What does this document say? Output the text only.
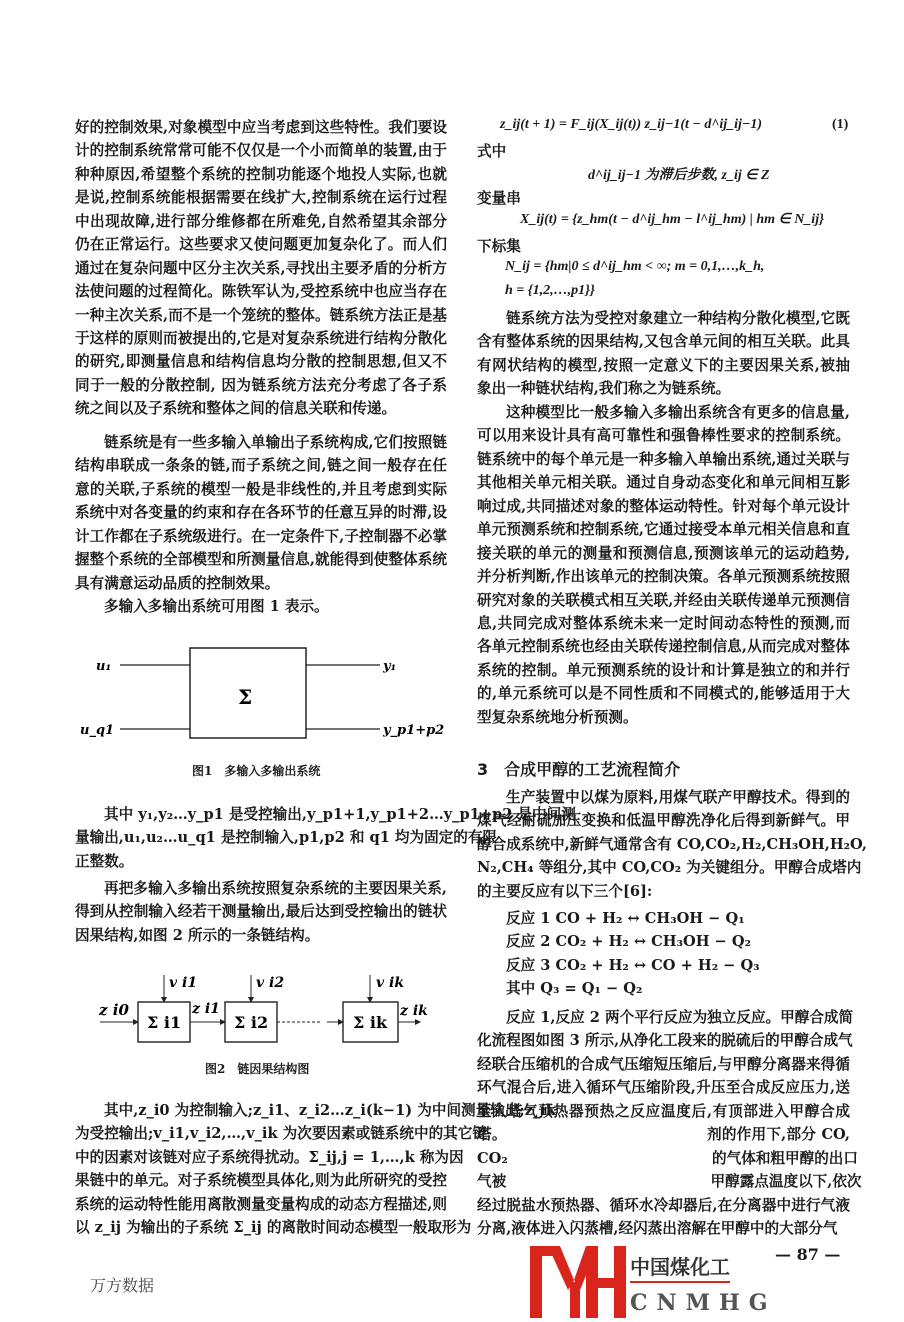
好的控制效果,对象模型中应当考虑到这些特性。我们要设
计的控制系统常常可能不仅仅是一个小而简单的装置,由于
种种原因,希望整个系统的控制功能逐个地投人实际,也就
是说,控制系统能根据需要在线扩大,控制系统在运行过程
中出现故障,进行部分维修都在所难免,自然希望其余部分
仍在正常运行。这些要求又使问题更加复杂化了。而人们
通过在复杂问题中区分主次关系,寻找出主要矛盾的分析方
法使问题的过程简化。陈铁军认为,受控系统中也应当存在
一种主次关系,而不是一个笼统的整体。链系统方法正是基
于这样的原则而被提出的,它是对复杂系统进行结构分散化
的研究,即测量信息和结构信息均分散的控制思想,但又不
同于一般的分散控制, 因为链系统方法充分考虑了各子系
统之间以及子系统和整体之间的信息关联和传递。
链系统是有一些多输入单输出子系统构成,它们按照链
结构串联成一条条的链,而子系统之间,链之间一般存在任
意的关联,子系统的模型一般是非线性的,并且考虑到实际
系统中对各变量的约束和存在各环节的任意互异的时滞,设
计工作都在子系统级进行。在一定条件下,子控制器不必掌
握整个系统的全部模型和所测量信息,就能得到使整体系统
具有满意运动品质的控制效果。
多输入多输出系统可用图 1 表示。
u₁
u_q1
Σ
y₁
y_p1+p2
图1　多输入多输出系统
其中 y₁,y₂…y_p1 是受控输出,y_p1+1,y_p1+2…y_p1+p2 是中间测
量输出,u₁,u₂…u_q1 是控制输入,p1,p2 和 q1 均为固定的有限
正整数。
再把多输入多输出系统按照复杂系统的主要因果关系,
得到从控制输入经若干测量输出,最后达到受控输出的链状
因果结构,如图 2 所示的一条链结构。
z i0	z i1	z ik
v i1	v i2	v ik
Σ i1	Σ i2	Σ ik
图2　链因果结构图
其中,z_i0 为控制输入;z_i1、z_i2…z_i(k−1) 为中间测量输出;z_ik
为受控输出;v_i1,v_i2,…,v_ik 为次要因素或链系统中的其它链
中的因素对该链对应子系统得扰动。Σ_ij,j = 1,…,k 称为因
果链中的单元。对子系统模型具体化,则为此所研究的受控
系统的运动特性能用离散测量变量构成的动态方程描述,则
以 z_ij 为输出的子系统 Σ_ij 的离散时间动态模型一般取形为
z_ij(t + 1) = F_ij(X_ij(t)) z_ij−1(t − d^ij_ij−1)	(1)
式中
d^ij_ij−1 为滞后步数, z_ij ∈ Z
变量串
X_ij(t) = {z_hm(t − d^ij_hm − l^ij_hm) | hm ∈ N_ij}
下标集
N_ij = {hm|0 ≤ d^ij_hm < ∞; m = 0,1,…,k_h,
h = {1,2,…,p1}}
链系统方法为受控对象建立一种结构分散化模型,它既
含有整体系统的因果结构,又包含单元间的相互关联。此具
有网状结构的模型,按照一定意义下的主要因果关系,被抽
象出一种链状结构,我们称之为链系统。
这种模型比一般多输入多输出系统含有更多的信息量,
可以用来设计具有高可靠性和强鲁棒性要求的控制系统。
链系统中的每个单元是一种多输入单输出系统,通过关联与
其他相关单元相关联。通过自身动态变化和单元间相互影
响过成,共同描述对象的整体运动特性。针对每个单元设计
单元预测系统和控制系统,它通过接受本单元相关信息和直
接关联的单元的测量和预测信息,预测该单元的运动趋势,
并分析判断,作出该单元的控制决策。各单元预测系统按照
研究对象的关联模式相互关联,并经由关联传递单元预测信
息,共同完成对整体系统未来一定时间动态特性的预测,而
各单元控制系统也经由关联传递控制信息,从而完成对整体
系统的控制。单元预测系统的设计和计算是独立的和并行
的,单元系统可以是不同性质和不同模式的,能够适用于大
型复杂系统地分析预测。
3　合成甲醇的工艺流程简介
生产装置中以煤为原料,用煤气联产甲醇技术。得到的
煤气经耐硫加压变换和低温甲醇洗净化后得到新鲜气。甲
醇合成系统中,新鲜气通常含有 CO,CO₂,H₂,CH₃OH,H₂O,
N₂,CH₄ 等组分,其中 CO,CO₂ 为关键组分。甲醇合成塔内
的主要反应有以下三个[6]:
反应 1 CO + H₂ ↔ CH₃OH − Q₁
反应 2 CO₂ + H₂ ↔ CH₃OH − Q₂
反应 3 CO₂ + H₂ ↔ CO + H₂ − Q₃
其中 Q₃ = Q₁ − Q₂
反应 1,反应 2 两个平行反应为独立反应。甲醇合成简
化流程图如图 3 所示,从净化工段来的脱硫后的甲醇合成气
经联合压缩机的合成气压缩短压缩后,与甲醇分离器来得循
环气混合后,进入循环气压缩阶段,升压至合成反应压力,送
至入塔气预热器预热之反应温度后,有顶部进入甲醇合成
塔。　　　　　　　　　　　　　　剂的作用下,部分 CO,
CO₂　　　　　　　　　　　　　　的气体和粗甲醇的出口
气被　　　　　　　　　　　　　　甲醇露点温度以下,依次
经过脱盐水预热器、循环水冷却器后,在分离器中进行气液
分离,液体进入闪蒸槽,经闪蒸出溶解在甲醇中的大部分气
中国煤化工
CNMHG
— 87 —
万方数据
